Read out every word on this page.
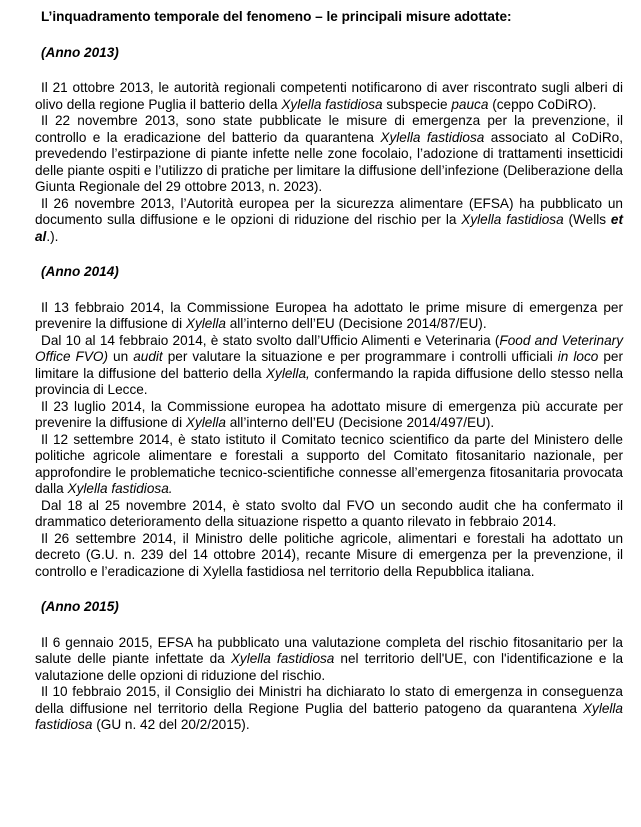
L’inquadramento temporale del fenomeno – le principali misure adottate:
(Anno 2013)

Il 21 ottobre 2013, le autorità regionali competenti notificarono di aver riscontrato sugli alberi di olivo della regione Puglia il batterio della Xylella fastidiosa subspecie pauca (ceppo CoDiRO).

Il 22 novembre 2013, sono state pubblicate le misure di emergenza per la prevenzione, il controllo e la eradicazione del batterio da quarantena Xylella fastidiosa associato al CoDiRo, prevedendo l’estirpazione di piante infette nelle zone focolaio, l’adozione di trattamenti insetticidi delle piante ospiti e l’utilizzo di pratiche per limitare la diffusione dell’infezione (Deliberazione della Giunta Regionale del 29 ottobre 2013, n. 2023).

Il 26 novembre 2013, l’Autorità europea per la sicurezza alimentare (EFSA) ha pubblicato un documento sulla diffusione e le opzioni di riduzione del rischio per la Xylella fastidiosa (Wells et al.).

(Anno 2014)

Il 13 febbraio 2014, la Commissione Europea ha adottato le prime misure di emergenza per prevenire la diffusione di Xylella all’interno dell’EU (Decisione 2014/87/EU).

Dal 10 al 14 febbraio 2014, è stato svolto dall’Ufficio Alimenti e Veterinaria (Food and Veterinary Office FVO) un audit per valutare la situazione e per programmare i controlli ufficiali in loco per limitare la diffusione del batterio della Xylella, confermando la rapida diffusione dello stesso nella provincia di Lecce.

Il 23 luglio 2014, la Commissione europea ha adottato misure di emergenza più accurate per prevenire la diffusione di Xylella all’interno dell’EU (Decisione 2014/497/EU).

Il 12 settembre 2014, è stato istituto il Comitato tecnico scientifico da parte del Ministero delle politiche agricole alimentare e forestali a supporto del Comitato fitosanitario nazionale, per approfondire le problematiche tecnico-scientifiche connesse all’emergenza fitosanitaria provocata dalla Xylella fastidiosa.

Dal 18 al 25 novembre 2014, è stato svolto dal FVO un secondo audit che ha confermato il drammatico deterioramento della situazione rispetto a quanto rilevato in febbraio 2014.

Il 26 settembre 2014, il Ministro delle politiche agricole, alimentari e forestali ha adottato un decreto (G.U. n. 239 del 14 ottobre 2014), recante Misure di emergenza per la prevenzione, il controllo e l’eradicazione di Xylella fastidiosa nel territorio della Repubblica italiana.

(Anno 2015)

Il 6 gennaio 2015, EFSA ha pubblicato una valutazione completa del rischio fitosanitario per la salute delle piante infettate da Xylella fastidiosa nel territorio dell'UE, con l'identificazione e la valutazione delle opzioni di riduzione del rischio.

Il 10 febbraio 2015, il Consiglio dei Ministri ha dichiarato lo stato di emergenza in conseguenza della diffusione nel territorio della Regione Puglia del batterio patogeno da quarantena Xylella fastidiosa (GU n. 42 del 20/2/2015).
